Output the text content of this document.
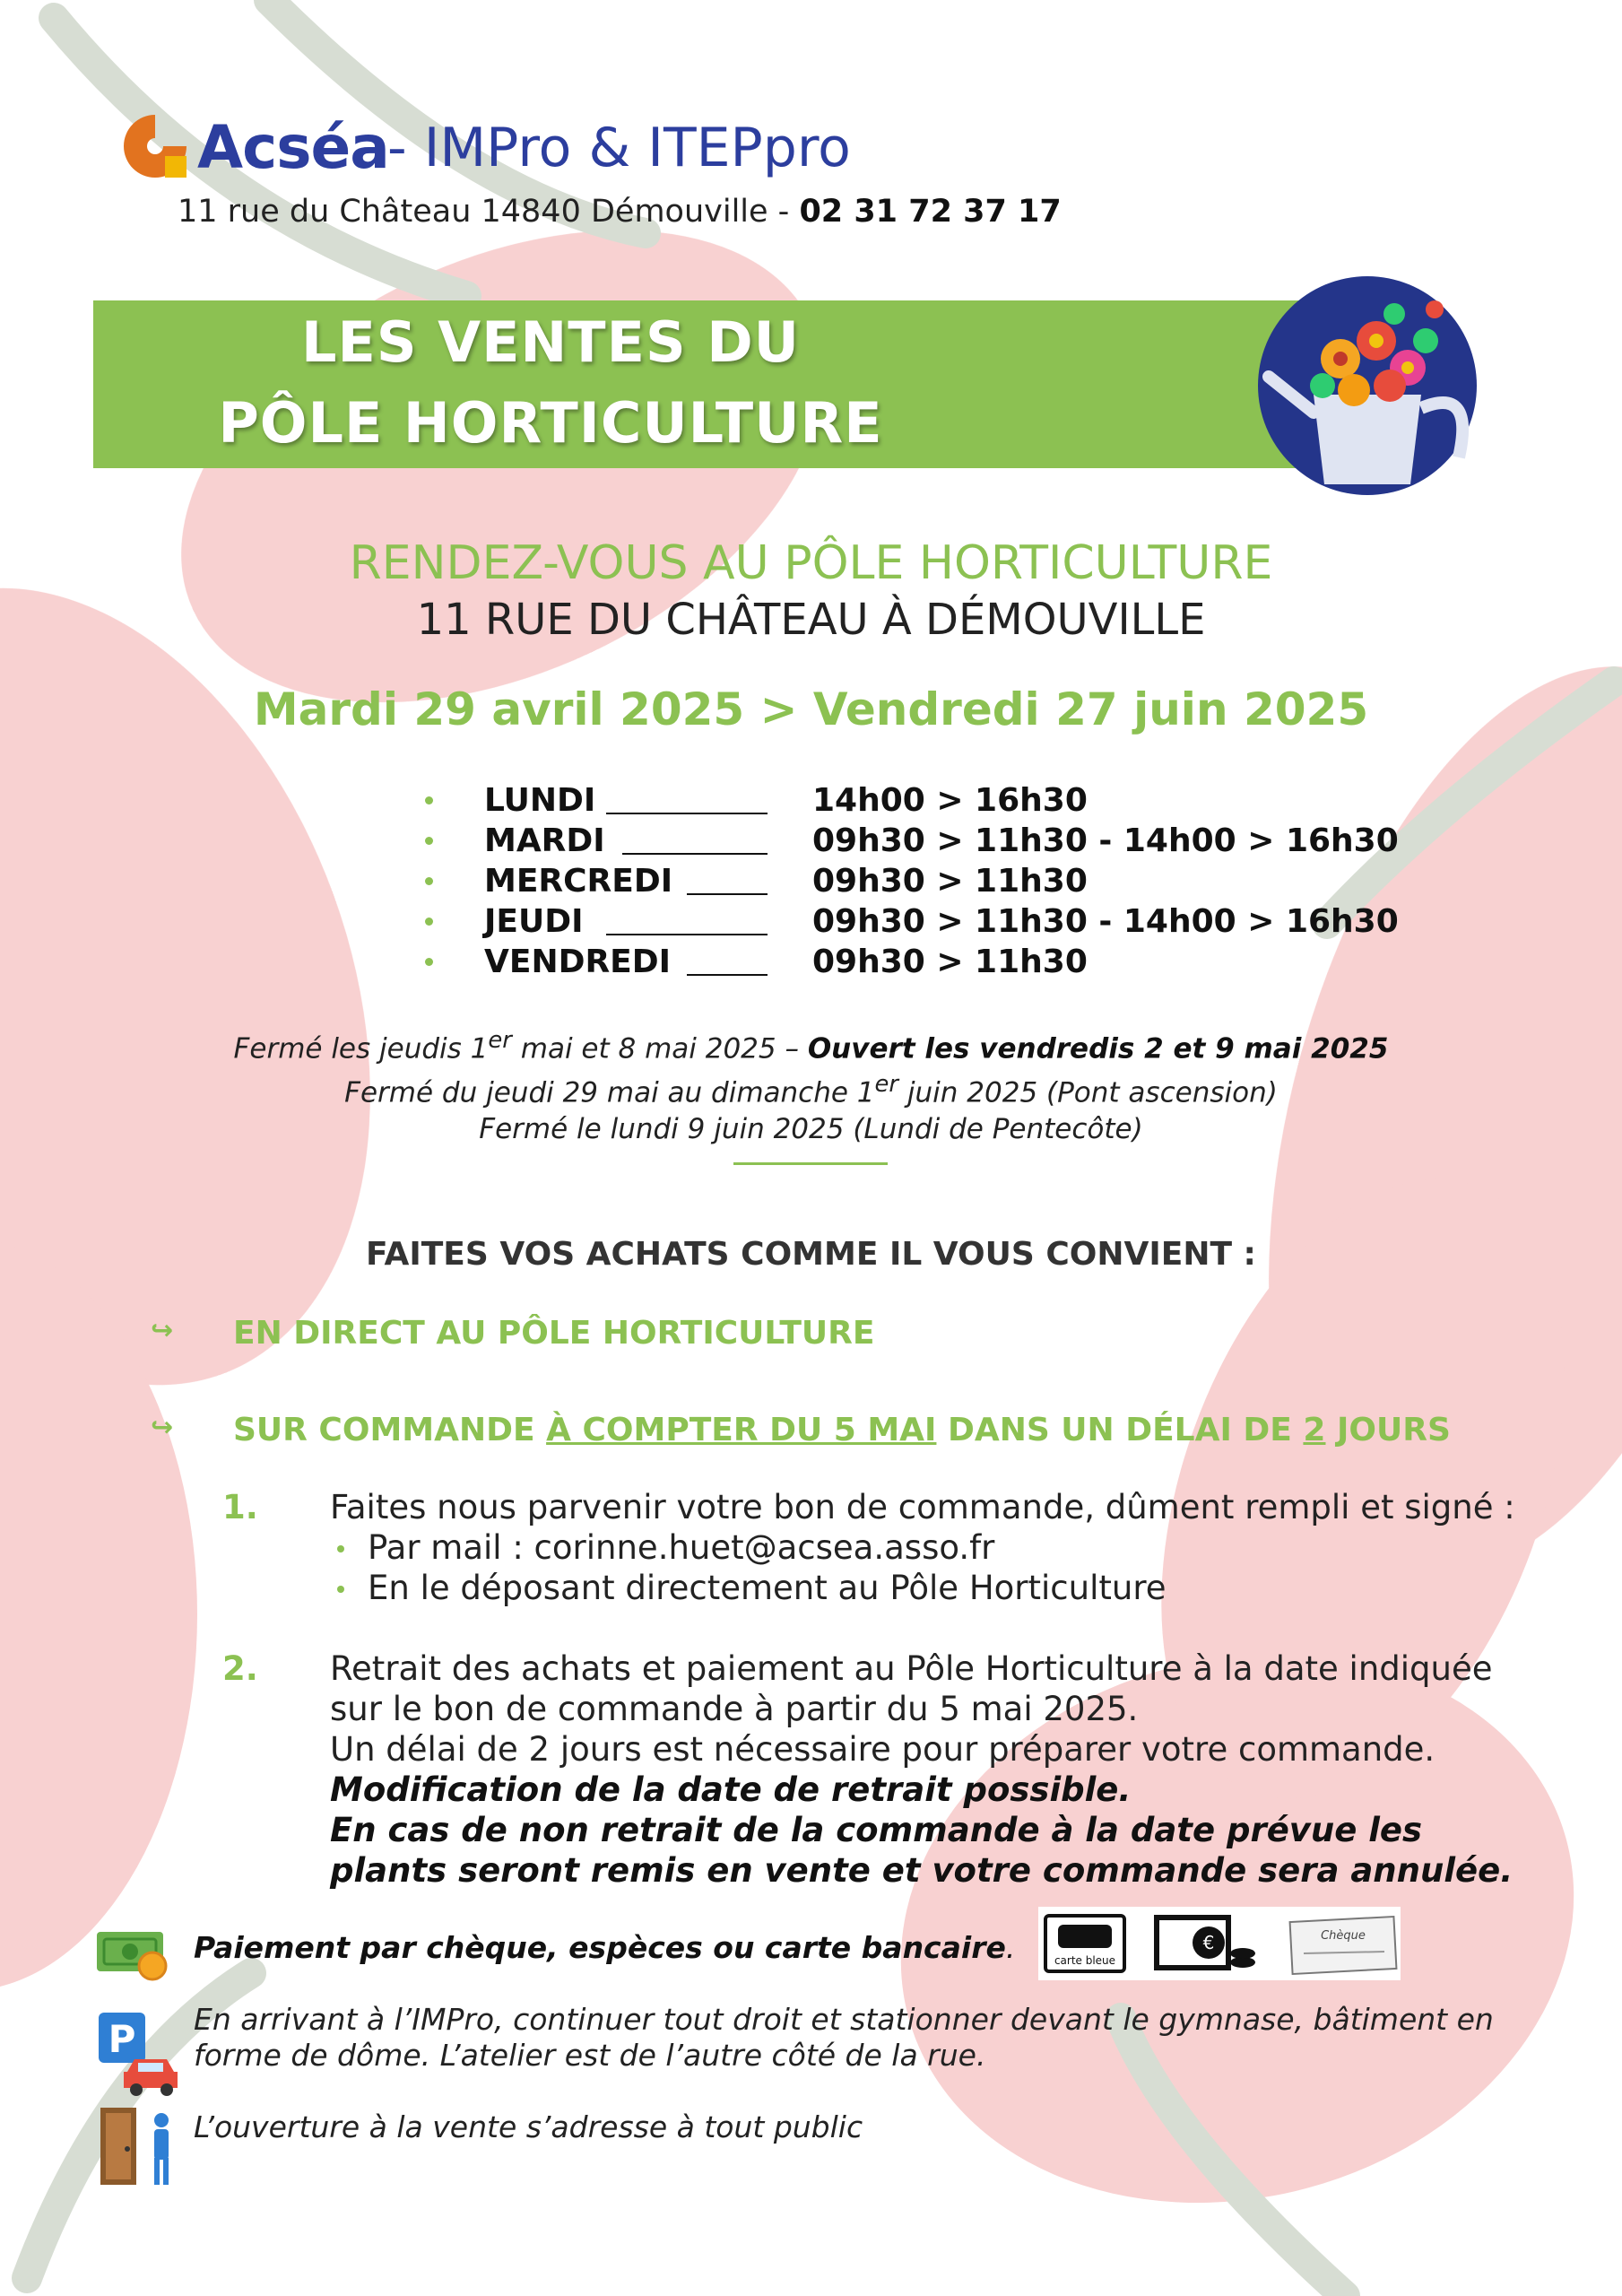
Acséa
- IMPro & ITEPpro
11 rue du Château 14840 Démouville - 02 31 72 37 17
LES VENTES DU
PÔLE HORTICULTURE
RENDEZ-VOUS AU PÔLE HORTICULTURE
11 RUE DU CHÂTEAU À DÉMOUVILLE
Mardi 29 avril 2025 > Vendredi 27 juin 2025
LUNDI	14h00 > 16h30
MARDI	09h30 > 11h30 - 14h00 > 16h30
MERCREDI	09h30 > 11h30
JEUDI	09h30 > 11h30 - 14h00 > 16h30
VENDREDI	09h30 > 11h30
Fermé les jeudis 1er mai et 8 mai 2025 – Ouvert les vendredis 2 et 9 mai 2025
Fermé du jeudi 29 mai au dimanche 1er juin 2025 (Pont ascension)
Fermé le lundi 9 juin 2025 (Lundi de Pentecôte)
FAITES VOS ACHATS COMME IL VOUS CONVIENT :
↪ EN DIRECT AU PÔLE HORTICULTURE
↪ SUR COMMANDE À COMPTER DU 5 MAI DANS UN DÉLAI DE 2 JOURS
1. Faites nous parvenir votre bon de commande, dûment rempli et signé :
Par mail : corinne.huet@acsea.asso.fr
En le déposant directement au Pôle Horticulture
2. Retrait des achats et paiement au Pôle Horticulture à la date indiquée sur le bon de commande à partir du 5 mai 2025.
Un délai de 2 jours est nécessaire pour préparer votre commande.
Modification de la date de retrait possible.
En cas de non retrait de la commande à la date prévue les plants seront remis en vente et votre commande sera annulée.
Paiement par chèque, espèces ou carte bancaire.	carte bleue
€	Chèque
P En arrivant à l’IMPro, continuer tout droit et stationner devant le gymnase, bâtiment en forme de dôme. L’atelier est de l’autre côté de la rue.
L’ouverture à la vente s’adresse à tout public
